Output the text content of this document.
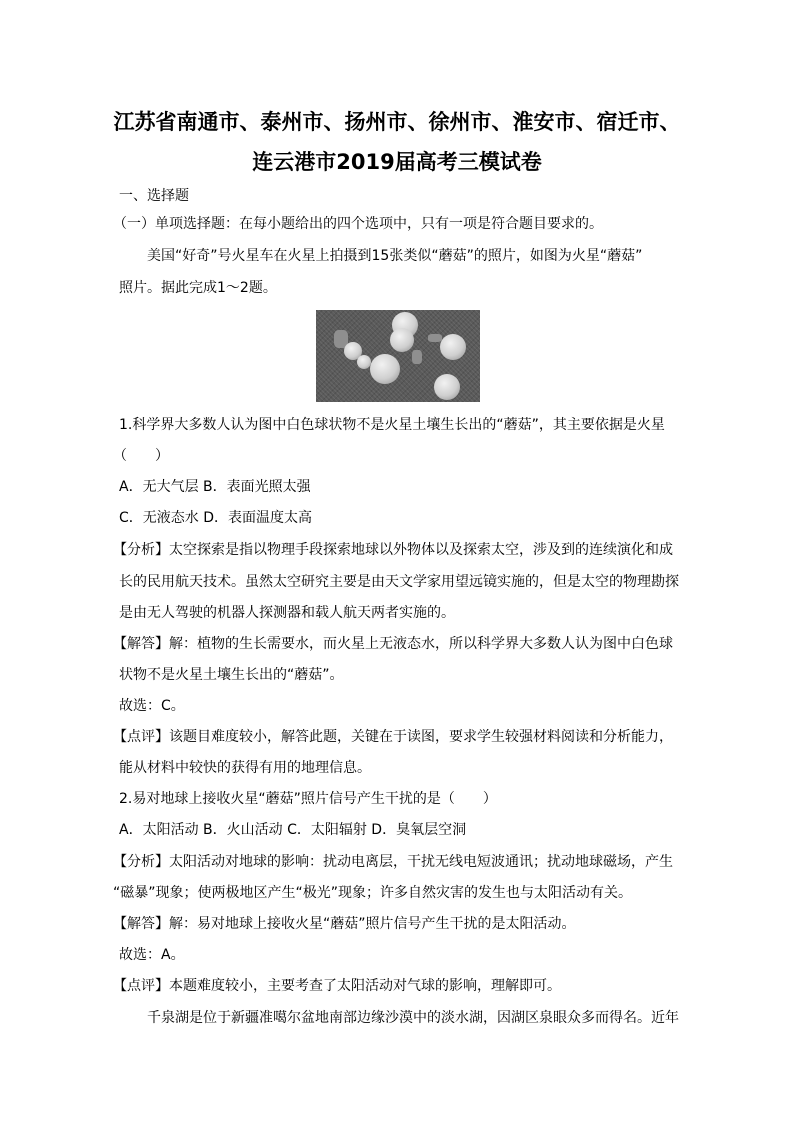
江苏省南通市、泰州市、扬州市、徐州市、淮安市、宿迁市、
连云港市2019届高考三模试卷
一、选择题
（一）单项选择题：在每小题给出的四个选项中，只有一项是符合题目要求的。
美国“好奇”号火星车在火星上拍摄到15张类似“蘑菇”的照片，如图为火星“蘑菇”
照片。据此完成1～2题。
1.科学界大多数人认为图中白色球状物不是火星土壤生长出的“蘑菇”，其主要依据是火星
（　　）
A．无大气层 B．表面光照太强
C．无液态水 D．表面温度太高
【分析】太空探索是指以物理手段探索地球以外物体以及探索太空，涉及到的连续演化和成
长的民用航天技术。虽然太空研究主要是由天文学家用望远镜实施的，但是太空的物理勘探
是由无人驾驶的机器人探测器和载人航天两者实施的。
【解答】解：植物的生长需要水，而火星上无液态水，所以科学界大多数人认为图中白色球
状物不是火星土壤生长出的“蘑菇”。
故选：C。
【点评】该题目难度较小，解答此题，关键在于读图，要求学生较强材料阅读和分析能力，
能从材料中较快的获得有用的地理信息。
2.易对地球上接收火星“蘑菇”照片信号产生干扰的是（　　）
A．太阳活动 B．火山活动 C．太阳辐射 D．臭氧层空洞
【分析】太阳活动对地球的影响：扰动电离层，干扰无线电短波通讯；扰动地球磁场，产生
“磁暴”现象；使两极地区产生“极光”现象；许多自然灾害的发生也与太阳活动有关。
【解答】解：易对地球上接收火星“蘑菇”照片信号产生干扰的是太阳活动。
故选：A。
【点评】本题难度较小，主要考查了太阳活动对气球的影响，理解即可。
千泉湖是位于新疆准噶尔盆地南部边缘沙漠中的淡水湖，因湖区泉眼众多而得名。近年
